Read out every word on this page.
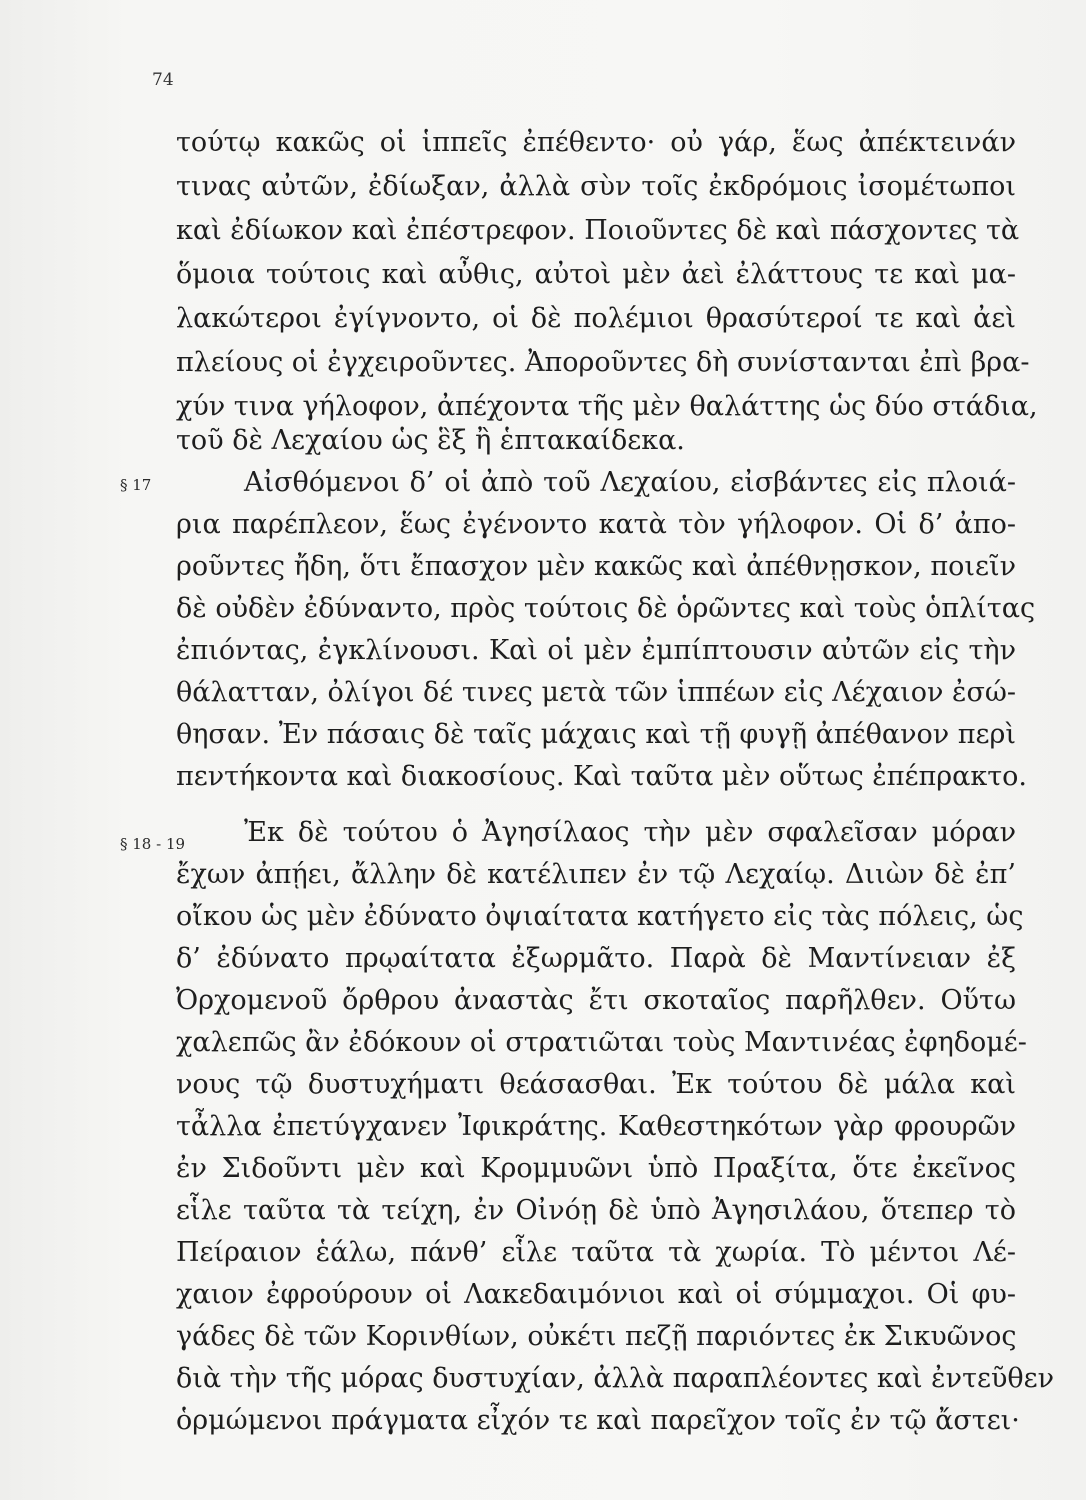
74
§ 17
§ 18 - 19
τούτῳ κακῶς οἱ ἱππεῖς ἐπέθεντο· οὐ γάρ, ἕως ἀπέκτεινάν
τινας αὐτῶν, ἐδίωξαν, ἀλλὰ σὺν τοῖς ἐκδρόμοις ἰσομέτωποι
καὶ ἐδίωκον καὶ ἐπέστρεφον. Ποιοῦντες δὲ καὶ πάσχοντες τὰ
ὅμοια τούτοις καὶ αὖθις, αὐτοὶ μὲν ἀεὶ ἐλάττους τε καὶ μα-
λακώτεροι ἐγίγνοντο, οἱ δὲ πολέμιοι θρασύτεροί τε καὶ ἀεὶ
πλείους οἱ ἐγχειροῦντες. Ἀποροῦντες δὴ συνίστανται ἐπὶ βρα-
χύν τινα γήλοφον, ἀπέχοντα τῆς μὲν θαλάττης ὡς δύο στάδια,
τοῦ δὲ Λεχαίου ὡς ἓξ ἢ ἑπτακαίδεκα.
Αἰσθόμενοι δ’ οἱ ἀπὸ τοῦ Λεχαίου, εἰσβάντες εἰς πλοιά-
ρια παρέπλεον, ἕως ἐγένοντο κατὰ τὸν γήλοφον. Οἱ δ’ ἀπο-
ροῦντες ἤδη, ὅτι ἔπασχον μὲν κακῶς καὶ ἀπέθνῃσκον, ποιεῖν
δὲ οὐδὲν ἐδύναντο, πρὸς τούτοις δὲ ὁρῶντες καὶ τοὺς ὁπλίτας
ἐπιόντας, ἐγκλίνουσι. Καὶ οἱ μὲν ἐμπίπτουσιν αὐτῶν εἰς τὴν
θάλατταν, ὀλίγοι δέ τινες μετὰ τῶν ἱππέων εἰς Λέχαιον ἐσώ-
θησαν. Ἐν πάσαις δὲ ταῖς μάχαις καὶ τῇ φυγῇ ἀπέθανον περὶ
πεντήκοντα καὶ διακοσίους. Καὶ ταῦτα μὲν οὕτως ἐπέπρακτο.
Ἐκ δὲ τούτου ὁ Ἀγησίλαος τὴν μὲν σφαλεῖσαν μόραν
ἔχων ἀπῄει, ἄλλην δὲ κατέλιπεν ἐν τῷ Λεχαίῳ. Διιὼν δὲ ἐπ’
οἴκου ὡς μὲν ἐδύνατο ὀψιαίτατα κατήγετο εἰς τὰς πόλεις, ὡς
δ’ ἐδύνατο πρῳαίτατα ἐξωρμᾶτο. Παρὰ δὲ Μαντίνειαν ἐξ
Ὀρχομενοῦ ὄρθρου ἀναστὰς ἔτι σκοταῖος παρῆλθεν. Οὕτω
χαλεπῶς ἂν ἐδόκουν οἱ στρατιῶται τοὺς Μαντινέας ἐφηδομέ-
νους τῷ δυστυχήματι θεάσασθαι. Ἐκ τούτου δὲ μάλα καὶ
τἆλλα ἐπετύγχανεν Ἰφικράτης. Καθεστηκότων γὰρ φρουρῶν
ἐν Σιδοῦντι μὲν καὶ Κρομμυῶνι ὑπὸ Πραξίτα, ὅτε ἐκεῖνος
εἷλε ταῦτα τὰ τείχη, ἐν Οἰνόῃ δὲ ὑπὸ Ἀγησιλάου, ὅτεπερ τὸ
Πείραιον ἑάλω, πάνθ’ εἷλε ταῦτα τὰ χωρία. Τὸ μέντοι Λέ-
χαιον ἐφρούρουν οἱ Λακεδαιμόνιοι καὶ οἱ σύμμαχοι. Οἱ φυ-
γάδες δὲ τῶν Κορινθίων, οὐκέτι πεζῇ παριόντες ἐκ Σικυῶνος
διὰ τὴν τῆς μόρας δυστυχίαν, ἀλλὰ παραπλέοντες καὶ ἐντεῦθεν
ὁρμώμενοι πράγματα εἶχόν τε καὶ παρεῖχον τοῖς ἐν τῷ ἄστει·
